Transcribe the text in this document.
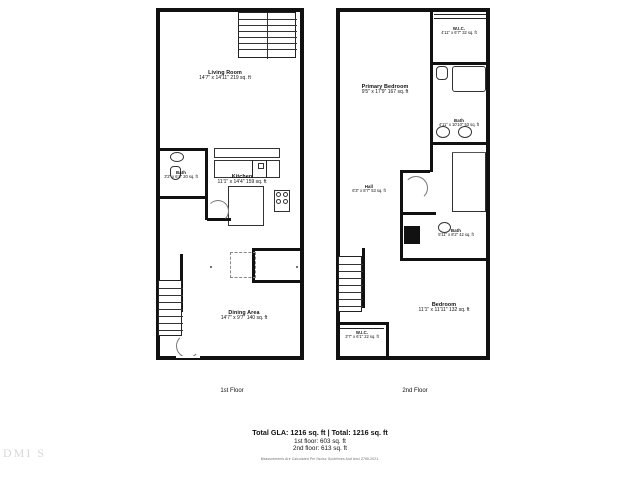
Living Room
14'7" x 14'11" 219 sq. ft
Bath
3'2" x 6'4" 20 sq. ft	Kitchen
11'1" x 14'4" 159 sq. ft
Dining Area
14'7" x 9'7" 140 sq. ft
1st Floor
W.I.C.
4'11" x 6'7" 32 sq. ft
Primary Bedroom
9'5" x 17'9" 167 sq. ft
Bath
4'11" x 10'10" 53 sq. ft
Hall
6'3" x 8'7" 53 sq. ft
Bath
5'11" x 8'2" 42 sq. ft
Bedroom
11'1" x 11'11" 132 sq. ft
W.I.C.
3'7" x 6'1" 22 sq. ft
2nd Floor
Total GLA: 1216 sq. ft | Total: 1216 sq. ft
1st floor: 603 sq. ft
2nd floor: 613 sq. ft
Measurements Are Calculated Per Ilscisc Guidelines And Ansi Z765-2021.
DMI S
